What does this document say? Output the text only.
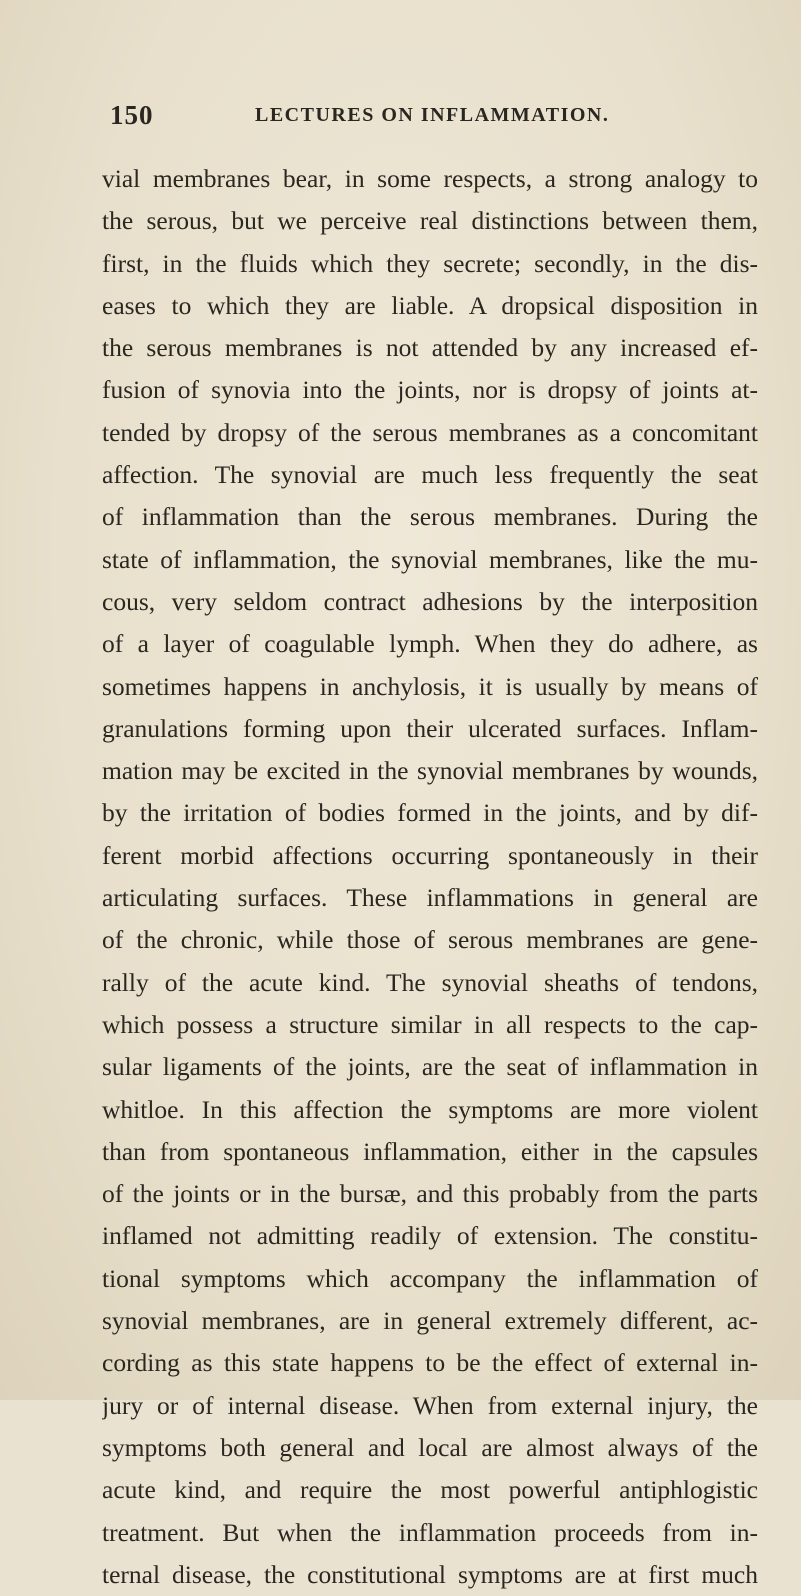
150	LECTURES ON INFLAMMATION.
vial membranes bear, in some respects, a strong analogy to
the serous, but we perceive real distinctions between them,
first, in the fluids which they secrete; secondly, in the dis-
eases to which they are liable. A dropsical disposition in
the serous membranes is not attended by any increased ef-
fusion of synovia into the joints, nor is dropsy of joints at-
tended by dropsy of the serous membranes as a concomitant
affection. The synovial are much less frequently the seat
of inflammation than the serous membranes. During the
state of inflammation, the synovial membranes, like the mu-
cous, very seldom contract adhesions by the interposition
of a layer of coagulable lymph. When they do adhere, as
sometimes happens in anchylosis, it is usually by means of
granulations forming upon their ulcerated surfaces. Inflam-
mation may be excited in the synovial membranes by wounds,
by the irritation of bodies formed in the joints, and by dif-
ferent morbid affections occurring spontaneously in their
articulating surfaces. These inflammations in general are
of the chronic, while those of serous membranes are gene-
rally of the acute kind. The synovial sheaths of tendons,
which possess a structure similar in all respects to the cap-
sular ligaments of the joints, are the seat of inflammation in
whitloe. In this affection the symptoms are more violent
than from spontaneous inflammation, either in the capsules
of the joints or in the bursæ, and this probably from the parts
inflamed not admitting readily of extension. The constitu-
tional symptoms which accompany the inflammation of
synovial membranes, are in general extremely different, ac-
cording as this state happens to be the effect of external in-
jury or of internal disease. When from external injury, the
symptoms both general and local are almost always of the
acute kind, and require the most powerful antiphlogistic
treatment. But when the inflammation proceeds from in-
ternal disease, the constitutional symptoms are at first much
